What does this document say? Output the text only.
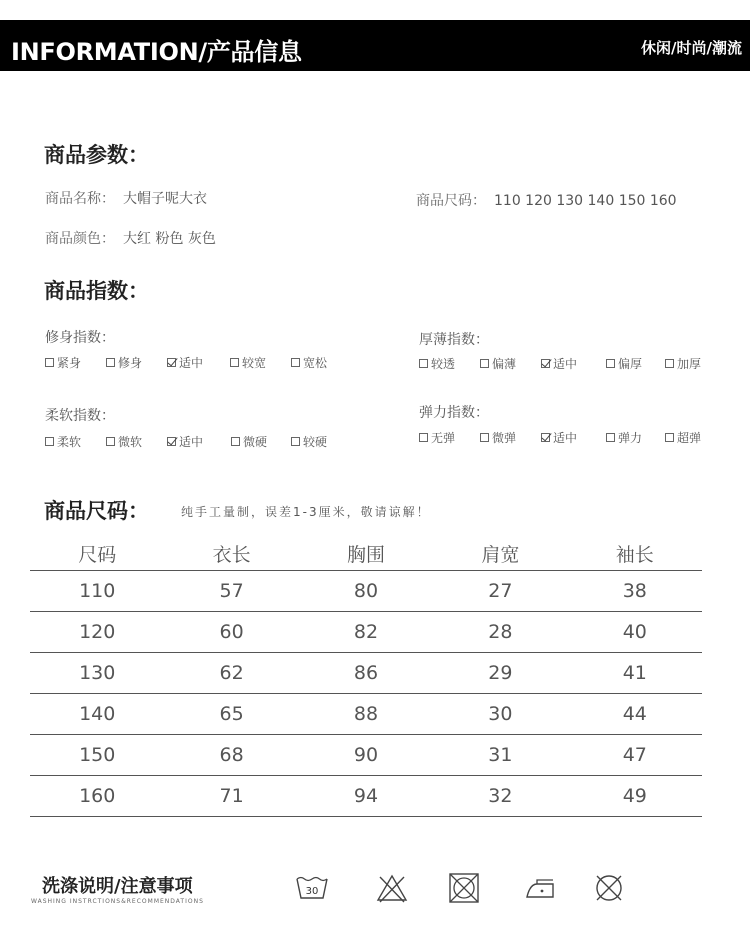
INFORMATION/产品信息	休闲/时尚/潮流
商品参数：
商品名称： 大帽子呢大衣	商品尺码： 110 120 130 140 150 160
商品颜色： 大红 粉色 灰色
商品指数：
修身指数：
紧身	修身	适中	较宽	宽松
厚薄指数：
较透	偏薄	适中	偏厚	加厚
柔软指数：
柔软	微软	适中	微硬	较硬
弹力指数：
无弹	微弹	适中	弹力	超弹
商品尺码：	纯手工量制，误差1-3厘米，敬请谅解！
尺码	衣长	胸围	肩宽	袖长
110	57	80	27	38
120	60	82	28	40
130	62	86	29	41
140	65	88	30	44
150	68	90	31	47
160	71	94	32	49
洗涤说明/注意事项
WASHING INSTRCTIONS&RECOMMENDATIONS
30
